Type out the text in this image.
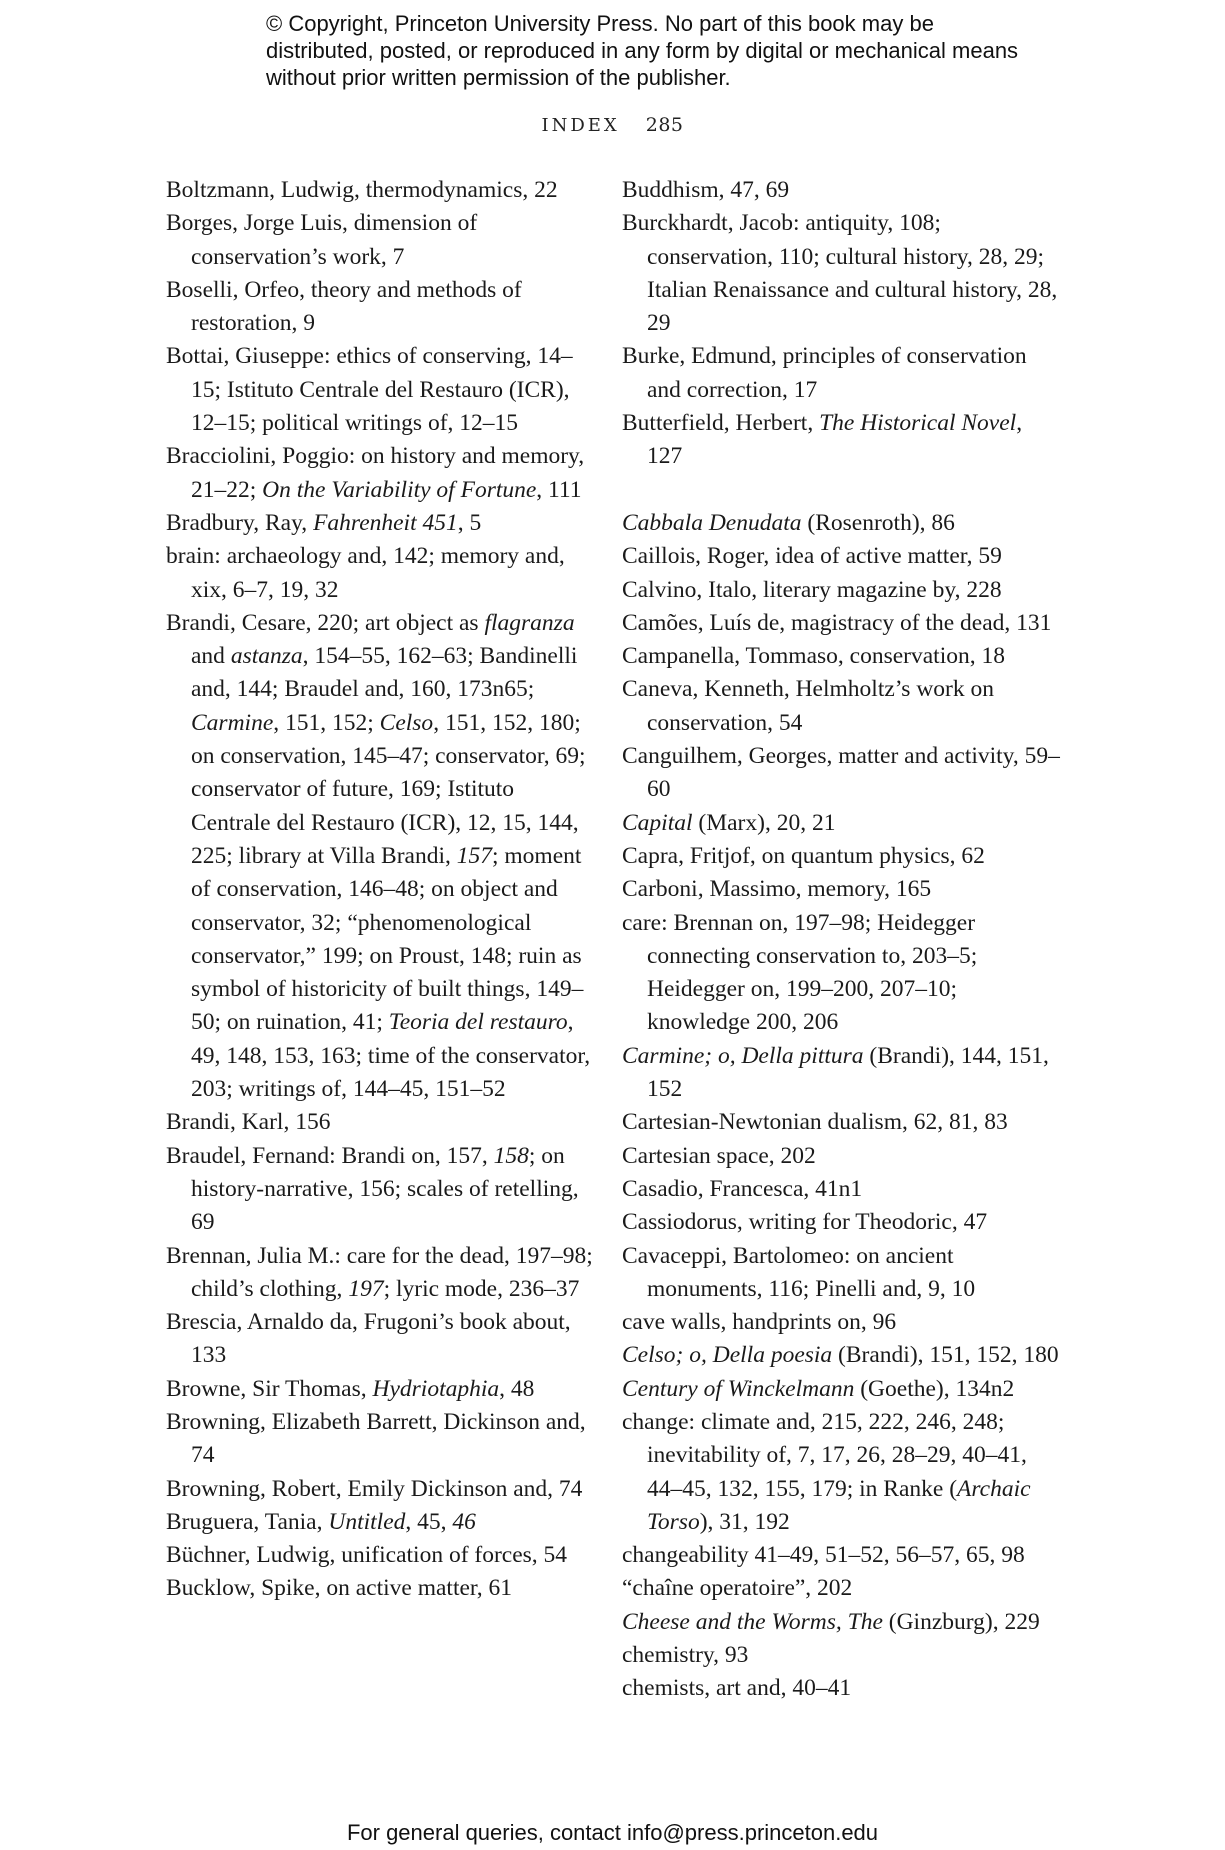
© Copyright, Princeton University Press. No part of this book may be distributed, posted, or reproduced in any form by digital or mechanical means without prior written permission of the publisher.
INDEX 285

Boltzmann, Ludwig, thermodynamics, 22

Borges, Jorge Luis, dimension of conservation’s work, 7

Boselli, Orfeo, theory and methods of restoration, 9

Bottai, Giuseppe: ethics of conserving, 14–15; Istituto Centrale del Restauro (ICR), 12–15; political writings of, 12–15

Bracciolini, Poggio: on history and memory, 21–22; On the Variability of Fortune, 111

Bradbury, Ray, Fahrenheit 451, 5

brain: archaeology and, 142; memory and, xix, 6–7, 19, 32

Brandi, Cesare, 220; art object as flagranza and astanza, 154–55, 162–63; Bandinelli and, 144; Braudel and, 160, 173n65; Carmine, 151, 152; Celso, 151, 152, 180; on conservation, 145–47; conservator, 69; conservator of future, 169; Istituto Centrale del Restauro (ICR), 12, 15, 144, 225; library at Villa Brandi, 157; moment of conservation, 146–48; on object and conservator, 32; “phenomenological conservator,” 199; on Proust, 148; ruin as symbol of historicity of built things, 149–50; on ruination, 41; Teoria del restauro, 49, 148, 153, 163; time of the conservator, 203; writings of, 144–45, 151–52

Brandi, Karl, 156

Braudel, Fernand: Brandi on, 157, 158; on history-narrative, 156; scales of retelling, 69

Brennan, Julia M.: care for the dead, 197–98; child’s clothing, 197; lyric mode, 236–37

Brescia, Arnaldo da, Frugoni’s book about, 133

Browne, Sir Thomas, Hydriotaphia, 48

Browning, Elizabeth Barrett, Dickinson and, 74

Browning, Robert, Emily Dickinson and, 74

Bruguera, Tania, Untitled, 45, 46

Büchner, Ludwig, unification of forces, 54

Bucklow, Spike, on active matter, 61

Buddhism, 47, 69

Burckhardt, Jacob: antiquity, 108; conservation, 110; cultural history, 28, 29; Italian Renaissance and cultural history, 28, 29

Burke, Edmund, principles of conservation and correction, 17

Butterfield, Herbert, The Historical Novel, 127

Cabbala Denudata (Rosenroth), 86

Caillois, Roger, idea of active matter, 59

Calvino, Italo, literary magazine by, 228

Camões, Luís de, magistracy of the dead, 131

Campanella, Tommaso, conservation, 18

Caneva, Kenneth, Helmholtz’s work on conservation, 54

Canguilhem, Georges, matter and activity, 59–60

Capital (Marx), 20, 21

Capra, Fritjof, on quantum physics, 62

Carboni, Massimo, memory, 165

care: Brennan on, 197–98; Heidegger connecting conservation to, 203–5; Heidegger on, 199–200, 207–10; knowledge 200, 206

Carmine; o, Della pittura (Brandi), 144, 151, 152

Cartesian-Newtonian dualism, 62, 81, 83

Cartesian space, 202

Casadio, Francesca, 41n1

Cassiodorus, writing for Theodoric, 47

Cavaceppi, Bartolomeo: on ancient monuments, 116; Pinelli and, 9, 10

cave walls, handprints on, 96

Celso; o, Della poesia (Brandi), 151, 152, 180

Century of Winckelmann (Goethe), 134n2

change: climate and, 215, 222, 246, 248; inevitability of, 7, 17, 26, 28–29, 40–41, 44–45, 132, 155, 179; in Ranke (Archaic Torso), 31, 192

changeability 41–49, 51–52, 56–57, 65, 98

“chaîne operatoire”, 202

Cheese and the Worms, The (Ginzburg), 229

chemistry, 93

chemists, art and, 40–41

For general queries, contact info@press.princeton.edu
